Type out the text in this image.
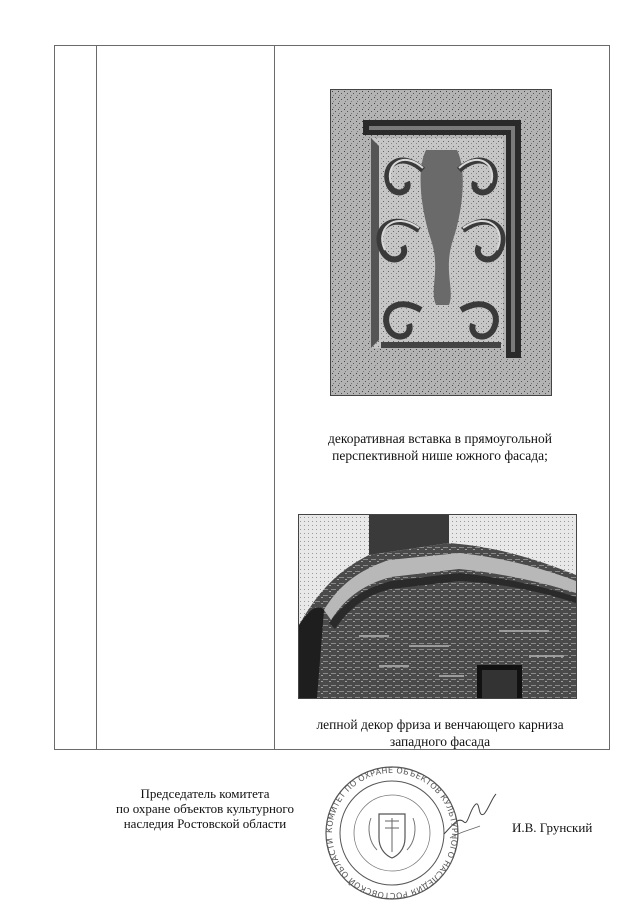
декоративная вставка в прямоугольной перспективной нише южного фасада;
лепной декор фриза и венчающего карниза западного фасада
Председатель комитета
по охране объектов культурного
наследия Ростовской области	КОМИТЕТ ПО ОХРАНЕ ОБЪЕКТОВ КУЛЬТУРНОГО НАСЛЕДИЯ РОСТОВСКОЙ ОБЛАСТИ
И.В. Грунский
